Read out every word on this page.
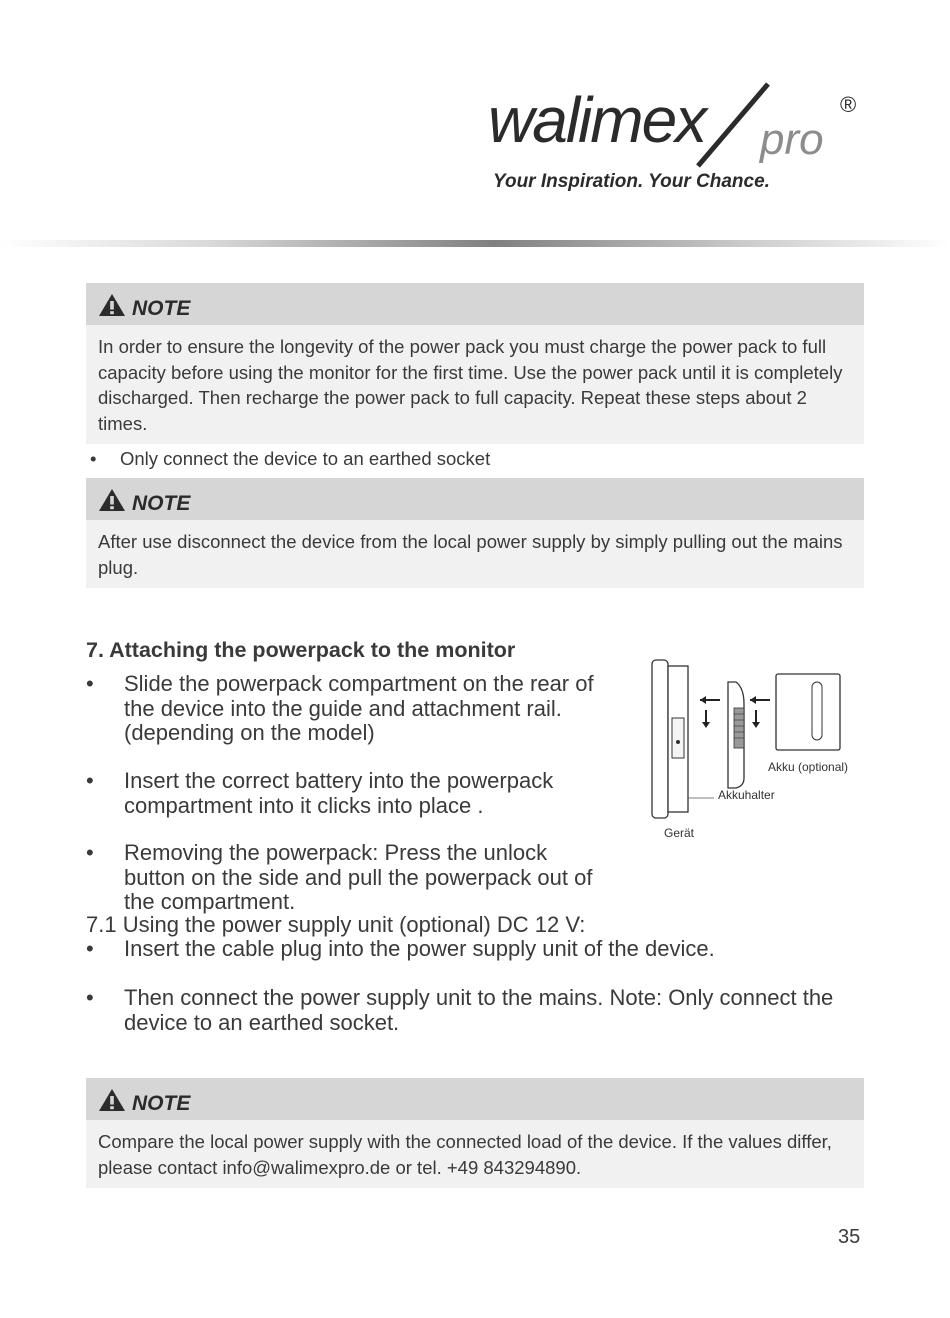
walimex pro
®
Your Inspiration. Your Chance.
NOTE
In order to ensure the longevity of the power pack you must charge the power pack to full capacity before using the monitor for the first time. Use the power pack until it is completely discharged. Then recharge the power pack to full capacity. Repeat these steps about 2 times.
• Only connect the device to an earthed socket
NOTE
After use disconnect the device from the local power supply by simply pulling out the mains plug.
7. Attaching the powerpack to the monitor
• Slide the powerpack compartment on the rear of the device into the guide and attachment rail. (depending on the model)
• Insert the correct battery into the powerpack compartment into it clicks into place .
• Removing the powerpack: Press the unlock button on the side and pull the powerpack out of the compartment.
Akku (optional)
Akkuhalter
Gerät
7.1 Using the power supply unit (optional) DC 12 V:
• Insert the cable plug into the power supply unit of the device.
• Then connect the power supply unit to the mains. Note: Only connect the device to an earthed socket.
NOTE
Compare the local power supply with the connected load of the device. If the values differ, please contact info@walimexpro.de or tel. +49 843294890.
35
